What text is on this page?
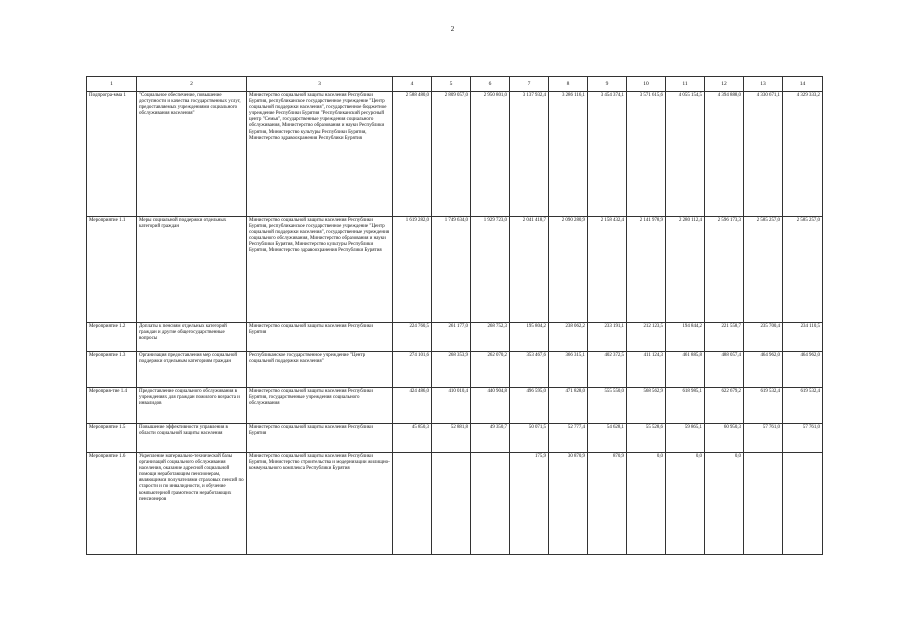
2
1	2	3	4	5	6	7	8	9	10	11	12	13	14
Подпрогра-мма 1	"Социальное обеспечение, повышение доступности и качества государственных услуг, предоставляемых учреждениями социального обслуживания населения"	Министерство социальной защиты населения Республики Бурятия, республиканское государственное учреждение "Центр социальной поддержки населения", государственное бюджетное учреждение Республики Бурятия "Республиканский ресурсный центр "Семья", государственные учреждения социального обслуживания, Министерство образования и науки Республики Бурятия, Министерство культуры Республики Бурятия, Министерство здравоохранения Республики Бурятия	2 588 480,0	2 809 057,0	2 950 801,0	3 137 932,4	3 286 116,1	3 454 374,1	3 571 615,6	4 055 154,5	4 394 888,0	4 330 671,1	4 329 333,2
Мероприятие 1.1	Меры социальной поддержки отдельных категорий граждан	Министерство социальной защиты населения Республики Бурятия, республиканское государственное учреждение "Центр социальной поддержки населения", государственные учреждения социального обслуживания, Министерство образования и науки Республики Бурятия, Министерство культуры Республики Бурятия, Министерство здравоохранения Республики Бурятия	1 619 282,0	1 749 634,0	1 929 723,0	2 041 418,7	2 090 280,9	2 158 432,4	2 141 978,9	2 280 112,4	2 596 173,3	2 585 257,0	2 585 257,0
Мероприятие 1.2	Доплаты к пенсиям отдельных категорий граждан и другие общегосударственные вопросы	Министерство социальной защиты населения Республики Бурятия	224 760,5	261 177,0	268 752,3	195 804,2	238 062,2	233 191,1	212 123,5	194 844,2	221 558,7	235 700,4	234 110,5
Мероприятие 1.3	Организация предоставления мер социальной поддержки отдельным категориям граждан	Республиканское государственное учреждение "Центр социальной поддержки населения"	274 101,6	268 353,9	262 070,2	353 467,6	366 315,1	402 372,5	411 124,3	461 885,8	488 057,4	464 962,0	464 962,0
Мероприя-тие 1.4	Предоставление социального обслуживания в учреждениях для граждан пожилого возраста и инвалидов	Министерство социальной защиты населения Республики Бурятия, государственные учреждения социального обслуживания	424 486,0	410 010,4	440 904,8	496 595,0	471 828,0	555 550,0	568 562,9	618 985,1	622 679,2	619 532,4	619 532,4
Мероприятие 1.5	Повышение эффективности управления в области социальной защиты населения	Министерство социальной защиты населения Республики Бурятия	45 850,3	52 881,8	49 350,7	50 071,5	52 777,4	54 628,1	55 528,6	59 865,1	60 950,3	57 761,0	57 761,0
Мероприятие 1.6	Укрепление материально-технической базы организаций социального обслуживания населения, оказание адресной социальной помощи неработающим пенсионерам, являющимся получателями страховых пенсий по старости и по инвалидности, и обучение компьютерной грамотности неработающих пенсионеров	Министерство социальной защиты населения Республики Бурятия, Министерство строительства и модернизации жилищно-коммунального комплекса Республики Бурятия				175,9	30 870,9	870,9	0,0	0,0	0,0		
